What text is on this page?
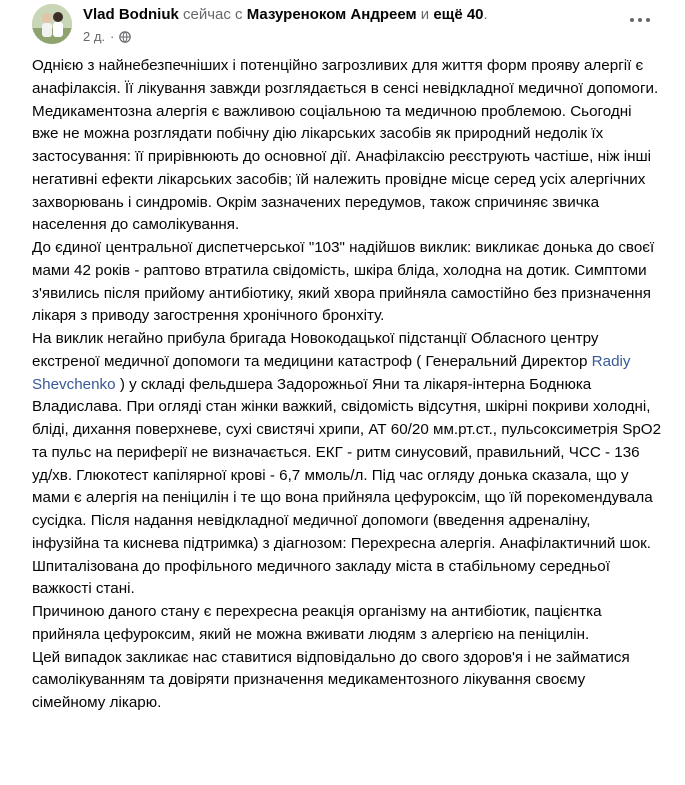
Vlad Bodniuk сейчас с Мазуреноком Андреем и ещё 40.
2 д. ·

Однією з найнебезпечніших і потенційно загрозливих для життя форм прояву алергії є анафілаксія. Її лікування завжди розглядається в сенсі невідкладної медичної допомоги.

Медикаментозна алергія є важливою соціальною та медичною проблемою. Сьогодні вже не можна розглядати побічну дію лікарських засобів як природний недолік їх застосування: її прирівнюють до основної дії. Анафілаксію реєструють частіше, ніж інші негативні ефекти лікарських засобів; їй належить провідне місце серед усіх алергічних захворювань і синдромів. Окрім зазначених передумов, також спричиняє звичка населення до самолікування.

До єдиної центральної диспетчерської "103" надійшов виклик: викликає донька до своєї мами 42 років - раптово втратила свідомість, шкіра бліда, холодна на дотик. Симптоми з'явились після прийому антибіотику, який хвора прийняла самостійно без призначення лікаря з приводу загострення хронічного бронхіту.

На виклик негайно прибула бригада Новокодацької підстанції Обласного центру екстреної медичної допомоги та медицини катастроф ( Генеральний Директор Radiy Shevchenko ) у складі фельдшера Задорожньої Яни та лікаря-інтерна Боднюка Владислава. При огляді стан жінки важкий, свідомість відсутня, шкірні покриви холодні, бліді, дихання поверхневе, сухі свистячі хрипи, АТ 60/20 мм.рт.ст., пульсоксиметрія SpO2 та пульс на периферії не визначається. ЕКГ - ритм синусовий, правильний, ЧСС - 136 уд/хв. Глюкотест капілярної крові - 6,7 ммоль/л. Під час огляду донька сказала, що у мами є алергія на пеніцилін і те що вона прийняла цефуроксім, що їй порекомендувала сусідка. Після надання невідкладної медичної допомоги (введення адреналіну, інфузійна та киснева підтримка) з діагнозом: Перехресна алергія. Анафілактичний шок. Шпиталізована до профільного медичного закладу міста в стабільному середньої важкості стані.

Причиною даного стану є перехресна реакція організму на антибіотик, пацієнтка прийняла цефуроксим, який не можна вживати людям з алергією на пеніцилін.

Цей випадок закликає нас ставитися відповідально до свого здоров'я і не займатися самолікуванням та довіряти призначення медикаментозного лікування своєму сімейному лікарю.
